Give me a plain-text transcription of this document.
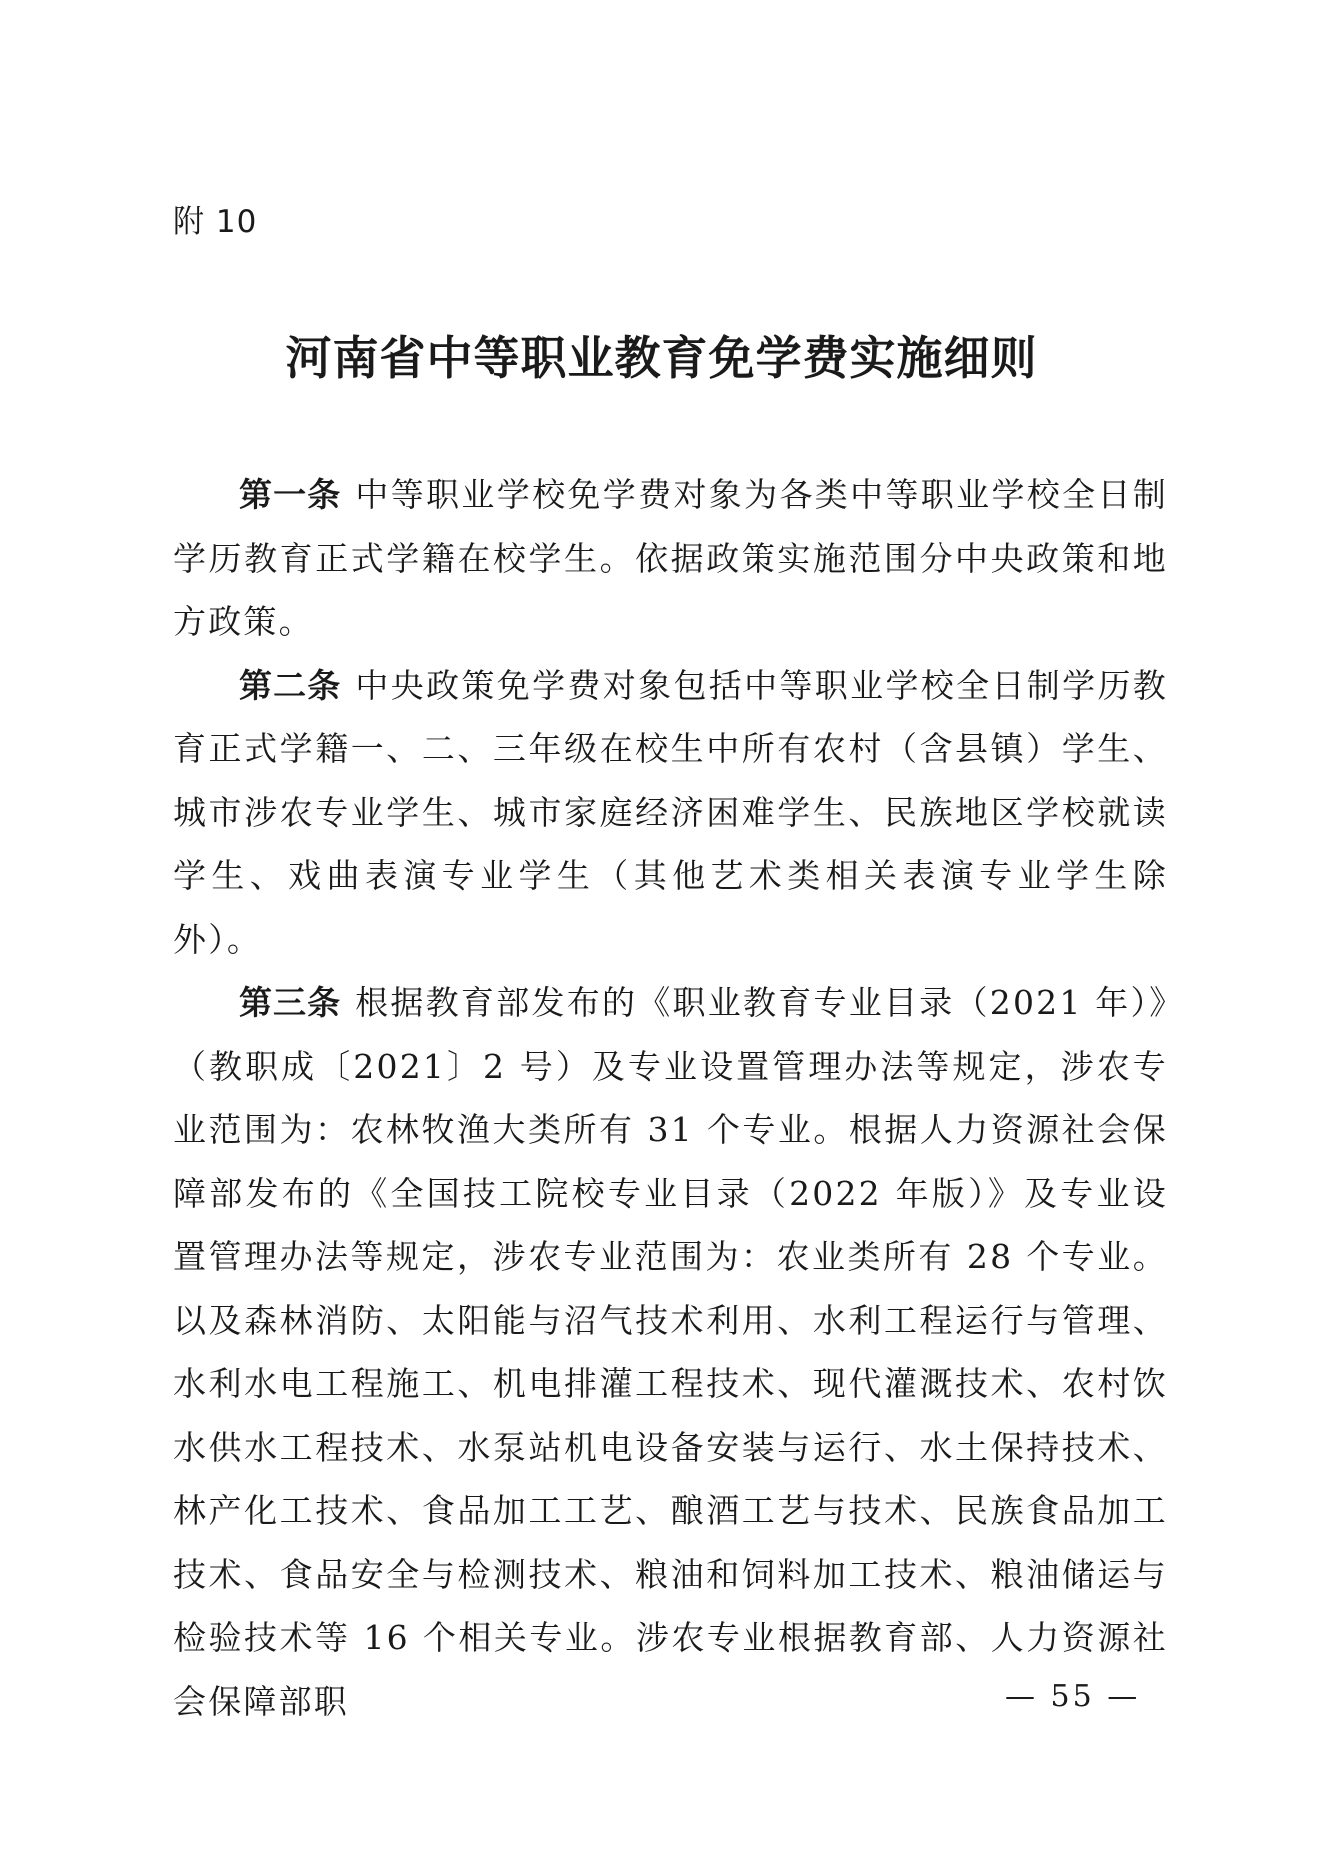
附 10
河南省中等职业教育免学费实施细则

第一条 中等职业学校免学费对象为各类中等职业学校全日制学历教育正式学籍在校学生。依据政策实施范围分中央政策和地方政策。

第二条 中央政策免学费对象包括中等职业学校全日制学历教育正式学籍一、二、三年级在校生中所有农村（含县镇）学生、城市涉农专业学生、城市家庭经济困难学生、民族地区学校就读学生、戏曲表演专业学生（其他艺术类相关表演专业学生除外）。

第三条 根据教育部发布的《职业教育专业目录（2021 年）》（教职成〔2021〕2 号）及专业设置管理办法等规定，涉农专业范围为：农林牧渔大类所有 31 个专业。根据人力资源社会保障部发布的《全国技工院校专业目录（2022 年版）》及专业设置管理办法等规定，涉农专业范围为：农业类所有 28 个专业。以及森林消防、太阳能与沼气技术利用、水利工程运行与管理、水利水电工程施工、机电排灌工程技术、现代灌溉技术、农村饮水供水工程技术、水泵站机电设备安装与运行、水土保持技术、林产化工技术、食品加工工艺、酿酒工艺与技术、民族食品加工技术、食品安全与检测技术、粮油和饲料加工技术、粮油储运与检验技术等 16 个相关专业。涉农专业根据教育部、人力资源社会保障部职	— 55 —
